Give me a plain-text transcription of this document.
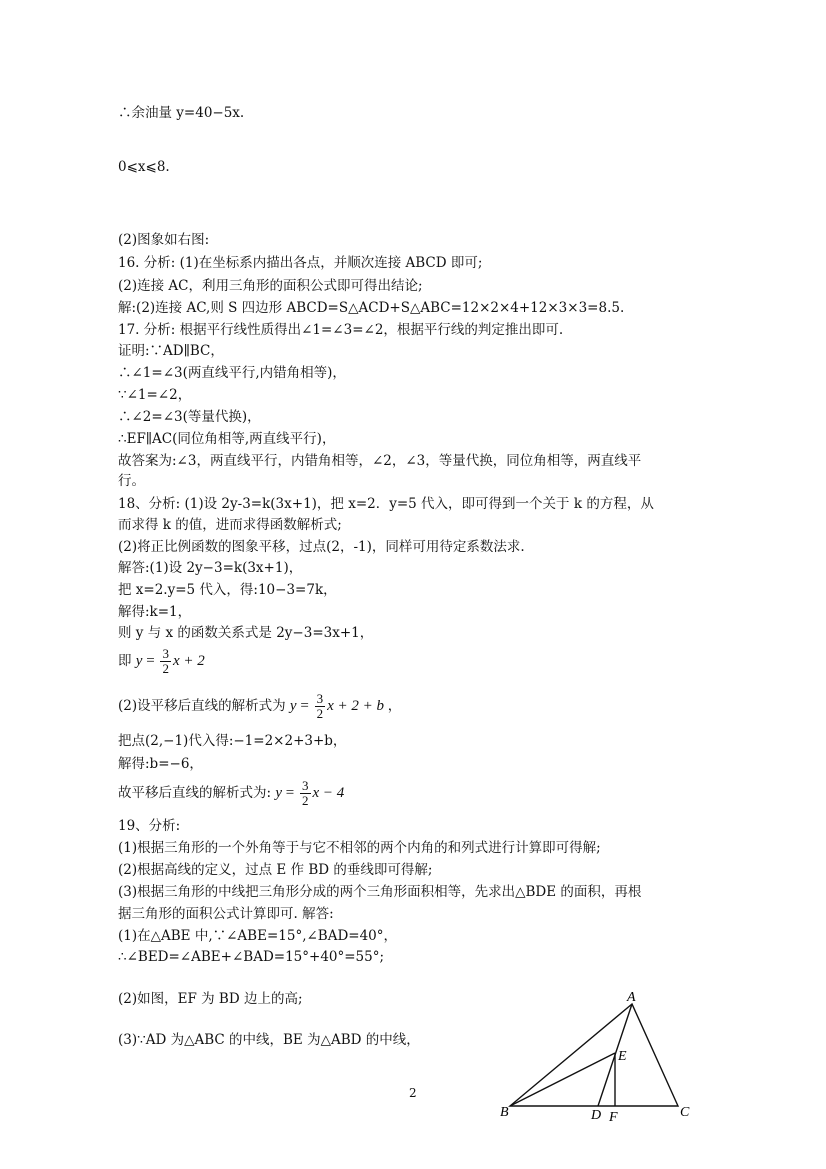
∴余油量 y=40−5x.

0⩽x⩽8.

(2)图象如右图:

16. 分析: (1)在坐标系内描出各点，并顺次连接 ABCD 即可;

(2)连接 AC，利用三角形的面积公式即可得出结论;

解:(2)连接 AC,则 S 四边形 ABCD=S△ACD+S△ABC=12×2×4+12×3×3=8.5.

17. 分析: 根据平行线性质得出∠1=∠3=∠2，根据平行线的判定推出即可.

证明:∵AD∥BC，

∴∠1=∠3(两直线平行,内错角相等)，

∵∠1=∠2，

∴∠2=∠3(等量代换)，

∴EF∥AC(同位角相等,两直线平行)，

故答案为:∠3，两直线平行，内错角相等，∠2，∠3，等量代换，同位角相等，两直线平

行。

18、分析: (1)设 2y-3=k(3x+1)，把 x=2．y=5 代入，即可得到一个关于 k 的方程，从

而求得 k 的值，进而求得函数解析式;

(2)将正比例函数的图象平移，过点(2，-1)，同样可用待定系数法求.

解答:(1)设 2y−3=k(3x+1)，

把 x=2.y=5 代入，得:10−3=7k，

解得:k=1，

则 y 与 x 的函数关系式是 2y−3=3x+1，

即 $y = \frac{3}{2}$ x + 2

(2)设平移后直线的解析式为 $y = \frac{3}{2}$ x + 2 + b ，

把点(2,−1)代入得:−1=2×2+3+b，

解得:b=−6，

故平移后直线的解析式为: $y = \frac{3}{2}$ x − 4

19、分析:

(1)根据三角形的一个外角等于与它不相邻的两个内角的和列式进行计算即可得解;

(2)根据高线的定义，过点 E 作 BD 的垂线即可得解;

(3)根据三角形的中线把三角形分成的两个三角形面积相等，先求出△BDE 的面积，再根

据三角形的面积公式计算即可. 解答:

(1)在△ABE 中,∵∠ABE=15°,∠BAD=40°，

∴∠BED=∠ABE+∠BAD=15°+40°=55°;

(2)如图，EF 为 BD 边上的高;

(3)∵AD 为△ABC 的中线，BE 为△ABD 的中线，

A
B	C
D
E
F
2
